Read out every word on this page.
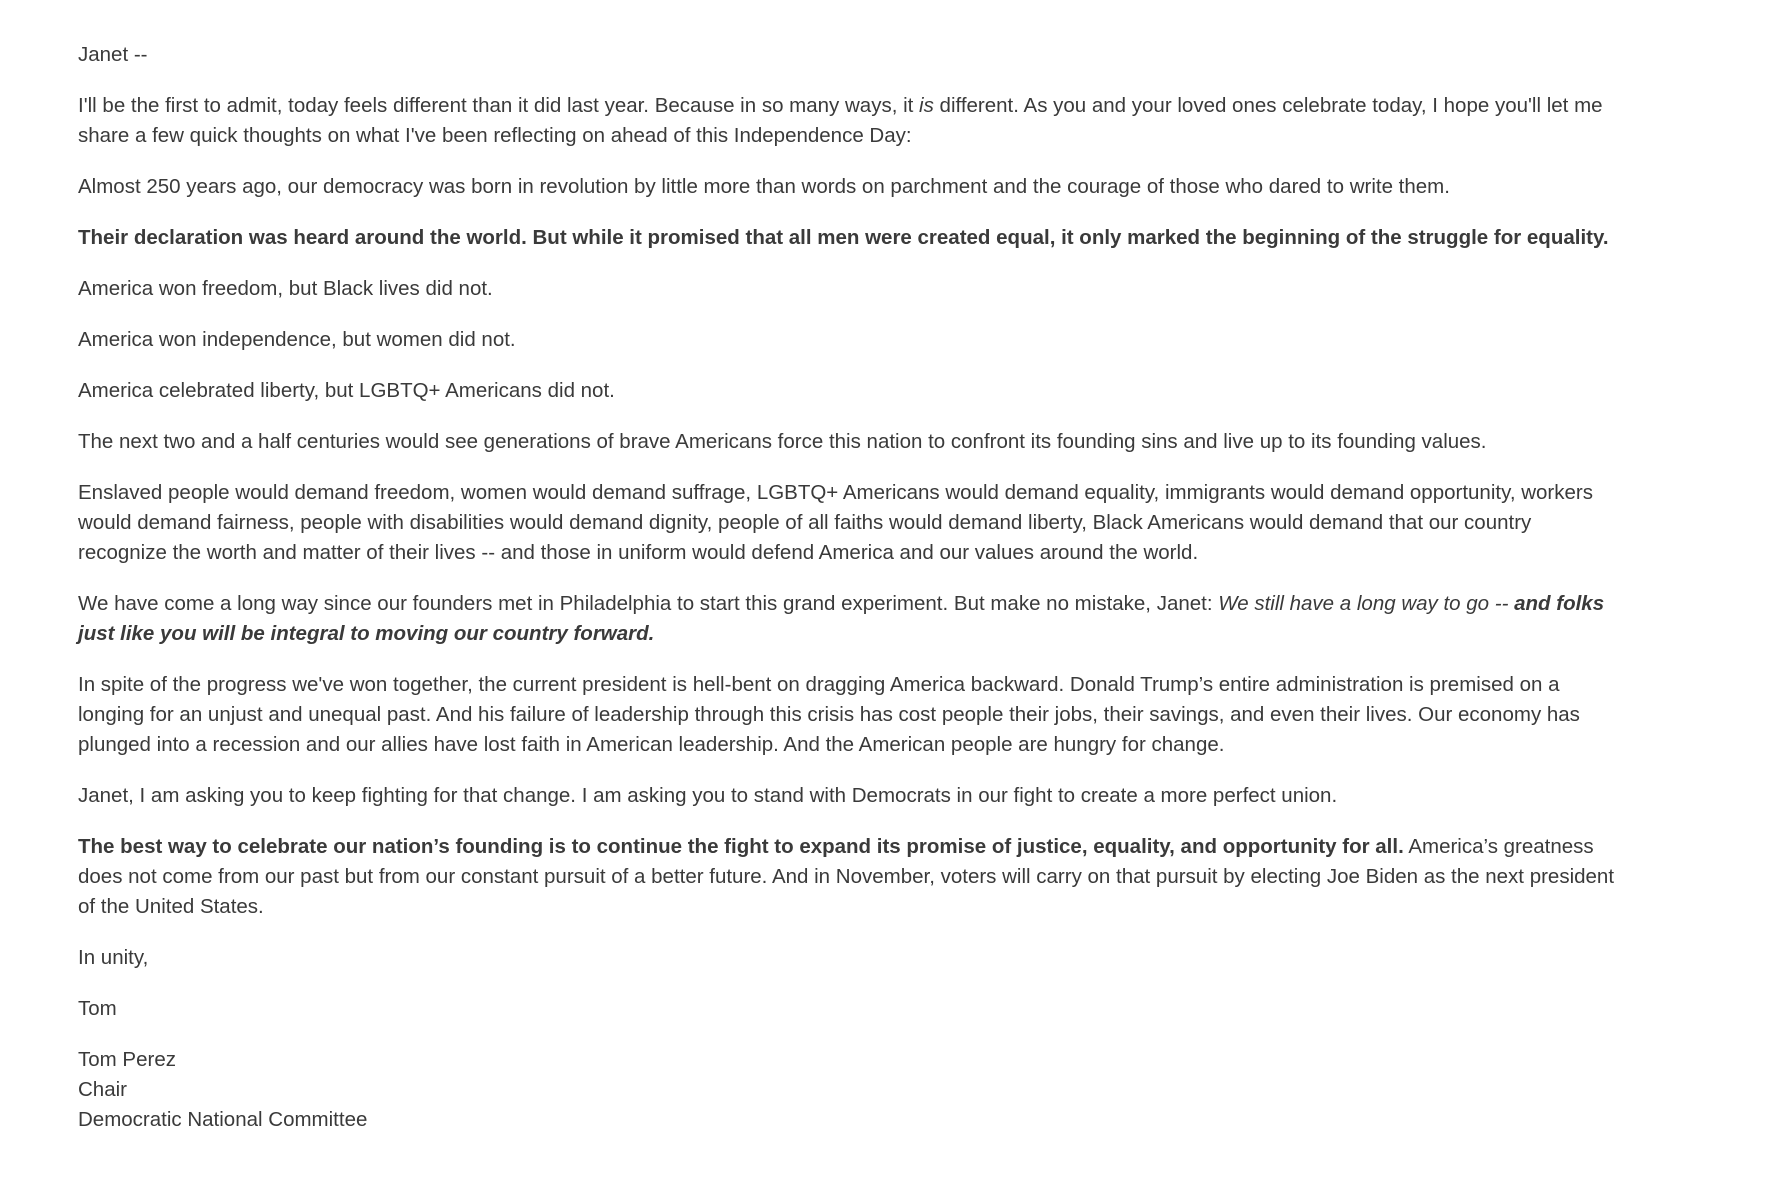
Janet --

I'll be the first to admit, today feels different than it did last year. Because in so many ways, it is different. As you and your loved ones celebrate today, I hope you'll let me share a few quick thoughts on what I've been reflecting on ahead of this Independence Day:

Almost 250 years ago, our democracy was born in revolution by little more than words on parchment and the courage of those who dared to write them.

Their declaration was heard around the world. But while it promised that all men were created equal, it only marked the beginning of the struggle for equality.

America won freedom, but Black lives did not.

America won independence, but women did not.

America celebrated liberty, but LGBTQ+ Americans did not.

The next two and a half centuries would see generations of brave Americans force this nation to confront its founding sins and live up to its founding values.

Enslaved people would demand freedom, women would demand suffrage, LGBTQ+ Americans would demand equality, immigrants would demand opportunity, workers would demand fairness, people with disabilities would demand dignity, people of all faiths would demand liberty, Black Americans would demand that our country recognize the worth and matter of their lives -- and those in uniform would defend America and our values around the world.

We have come a long way since our founders met in Philadelphia to start this grand experiment. But make no mistake, Janet: We still have a long way to go -- and folks just like you will be integral to moving our country forward.

In spite of the progress we've won together, the current president is hell-bent on dragging America backward. Donald Trump’s entire administration is premised on a longing for an unjust and unequal past. And his failure of leadership through this crisis has cost people their jobs, their savings, and even their lives. Our economy has plunged into a recession and our allies have lost faith in American leadership. And the American people are hungry for change.

Janet, I am asking you to keep fighting for that change. I am asking you to stand with Democrats in our fight to create a more perfect union.

The best way to celebrate our nation’s founding is to continue the fight to expand its promise of justice, equality, and opportunity for all. America’s greatness does not come from our past but from our constant pursuit of a better future. And in November, voters will carry on that pursuit by electing Joe Biden as the next president of the United States.

In unity,

Tom

Tom Perez
Chair
Democratic National Committee
